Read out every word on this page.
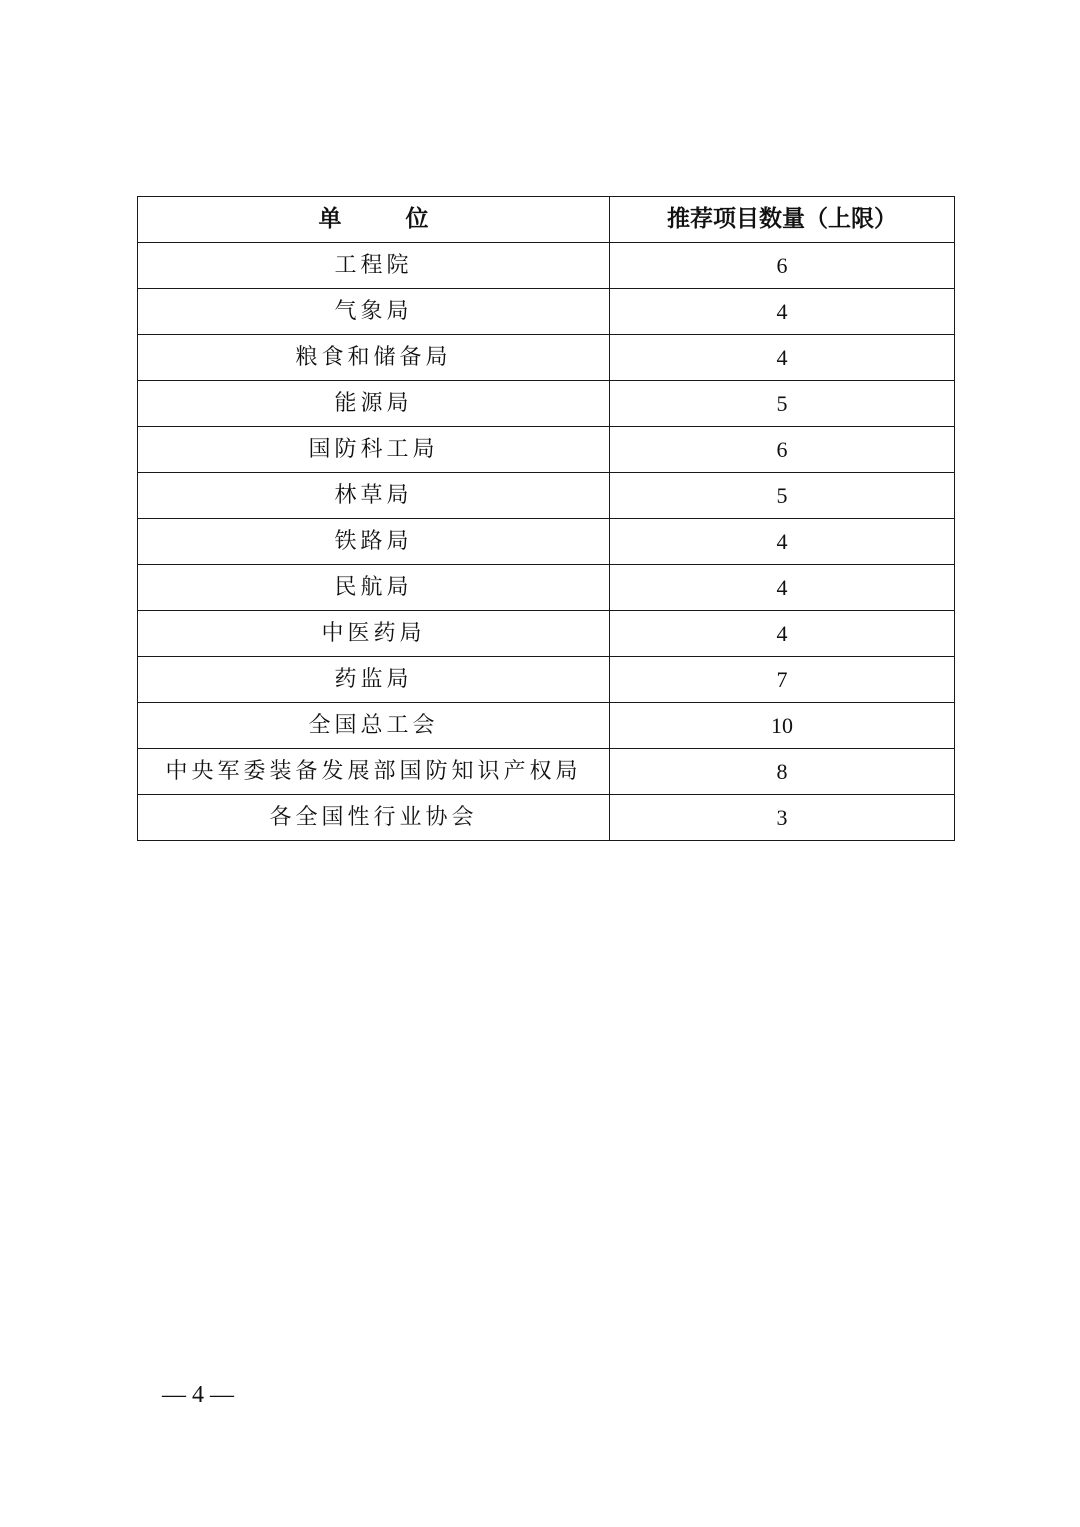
单 位	推荐项目数量（上限）
工程院	6
气象局	4
粮食和储备局	4
能源局	5
国防科工局	6
林草局	5
铁路局	4
民航局	4
中医药局	4
药监局	7
全国总工会	10
中央军委装备发展部国防知识产权局	8
各全国性行业协会	3
— 4 —
